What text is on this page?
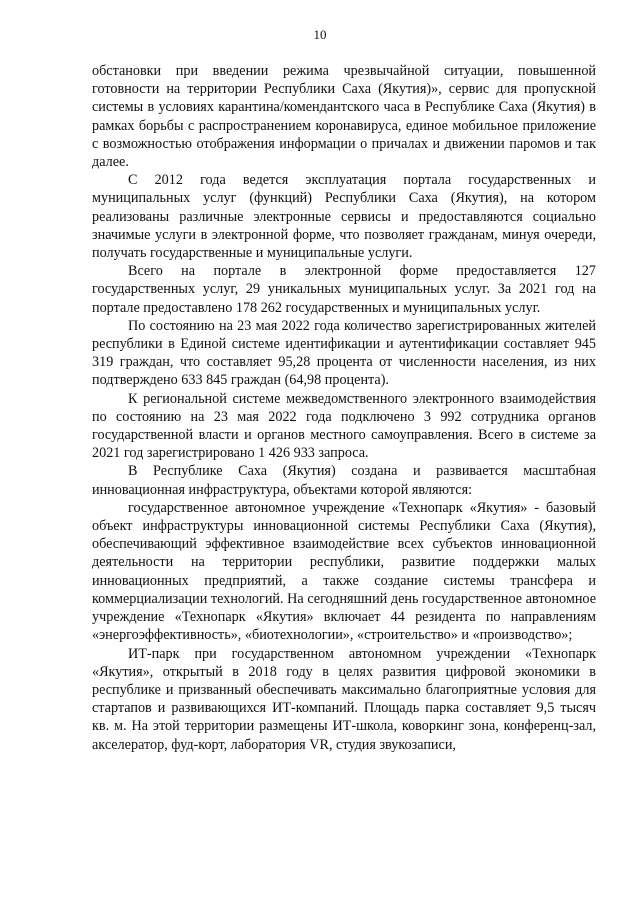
10

обстановки при введении режима чрезвычайной ситуации, повышенной готовности на территории Республики Саха (Якутия)», сервис для пропускной системы в условиях карантина/комендантского часа в Республике Саха (Якутия) в рамках борьбы с распространением коронавируса, единое мобильное приложение с возможностью отображения информации о причалах и движении паромов и так далее.

С 2012 года ведется эксплуатация портала государственных и муниципальных услуг (функций) Республики Саха (Якутия), на котором реализованы различные электронные сервисы и предоставляются социально значимые услуги в электронной форме, что позволяет гражданам, минуя очереди, получать государственные и муниципальные услуги.

Всего на портале в электронной форме предоставляется 127 государственных услуг, 29 уникальных муниципальных услуг. За 2021 год на портале предоставлено 178 262 государственных и муниципальных услуг.

По состоянию на 23 мая 2022 года количество зарегистрированных жителей республики в Единой системе идентификации и аутентификации составляет 945 319 граждан, что составляет 95,28 процента от численности населения, из них подтверждено 633 845 граждан (64,98 процента).

К региональной системе межведомственного электронного взаимодействия по состоянию на 23 мая 2022 года подключено 3 992 сотрудника органов государственной власти и органов местного самоуправления. Всего в системе за 2021 год зарегистрировано 1 426 933 запроса.

В Республике Саха (Якутия) создана и развивается масштабная инновационная инфраструктура, объектами которой являются:

государственное автономное учреждение «Технопарк «Якутия» - базовый объект инфраструктуры инновационной системы Республики Саха (Якутия), обеспечивающий эффективное взаимодействие всех субъектов инновационной деятельности на территории республики, развитие поддержки малых инновационных предприятий, а также создание системы трансфера и коммерциализации технологий. На сегодняшний день государственное автономное учреждение «Технопарк «Якутия» включает 44 резидента по направлениям «энергоэффективность», «биотехнологии», «строительство» и «производство»;

ИТ-парк при государственном автономном учреждении «Технопарк «Якутия», открытый в 2018 году в целях развития цифровой экономики в республике и призванный обеспечивать максимально благоприятные условия для стартапов и развивающихся ИТ-компаний. Площадь парка составляет 9,5 тысяч кв. м. На этой территории размещены ИТ-школа, коворкинг зона, конференц-зал, акселератор, фуд-корт, лаборатория VR, студия звукозаписи,
